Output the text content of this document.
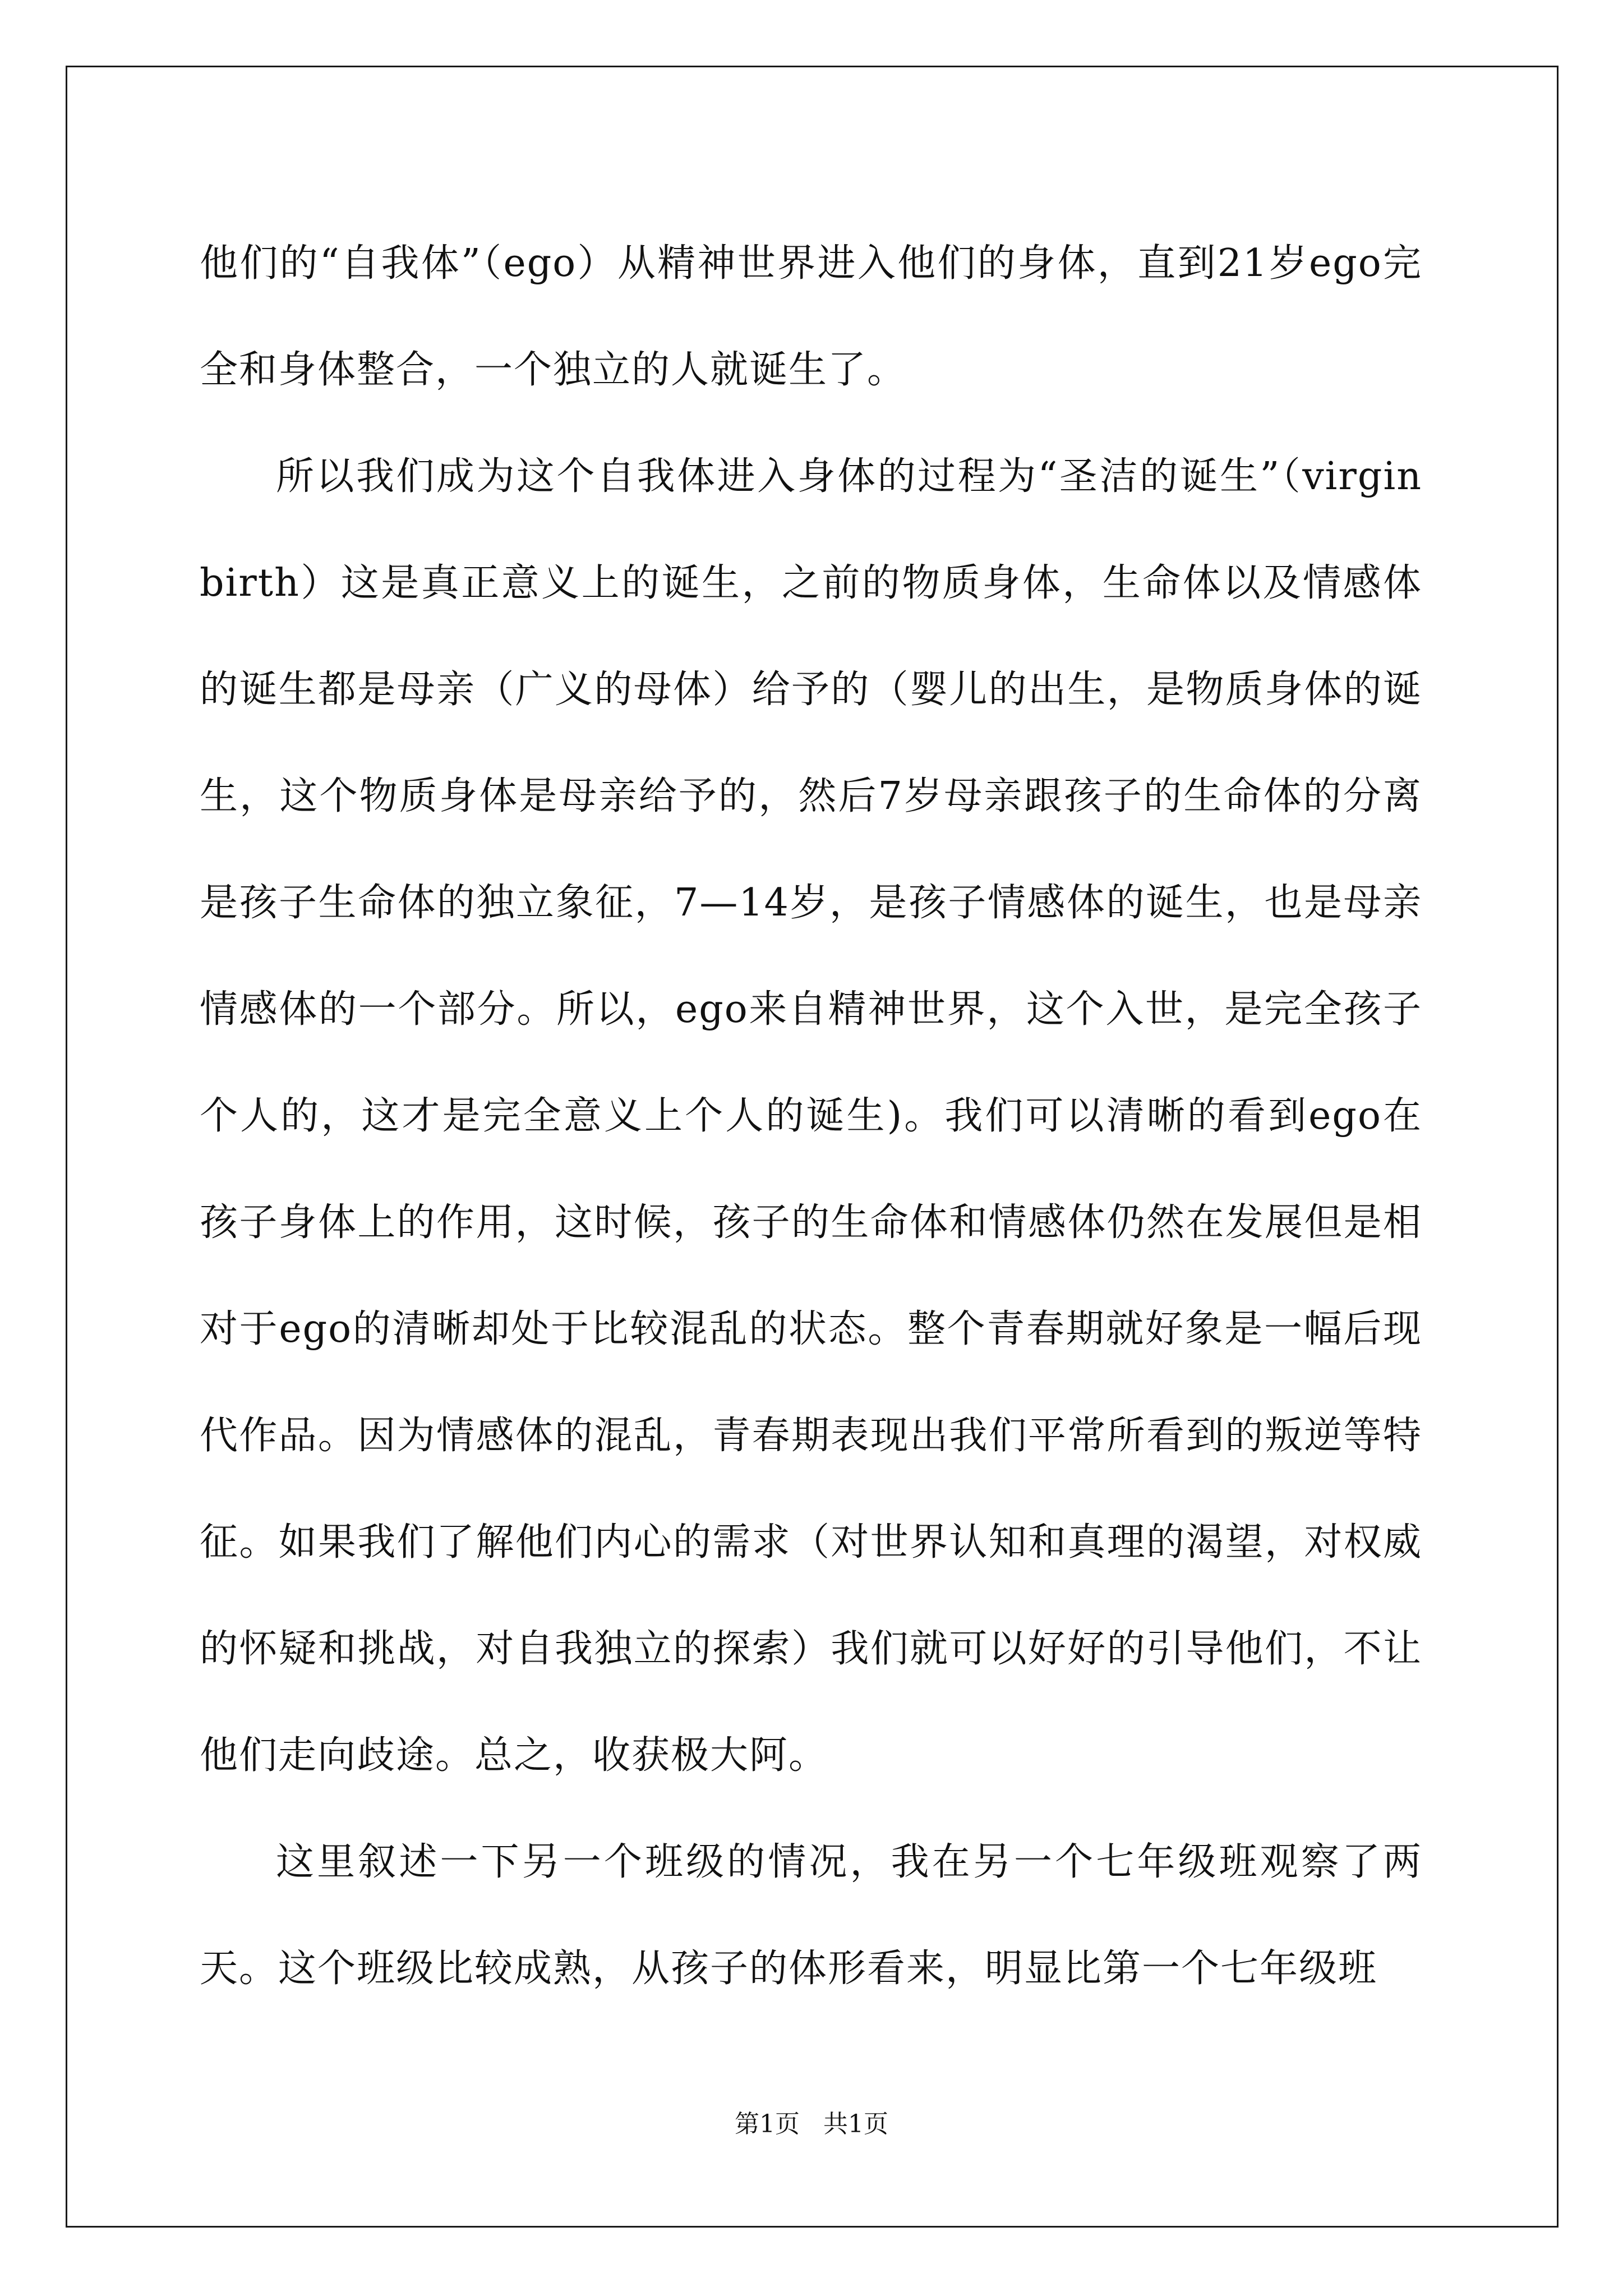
他们的“自我体”（ego）从精神世界进入他们的身体，直到21岁ego完全和身体整合，一个独立的人就诞生了。

所以我们成为这个自我体进入身体的过程为“圣洁的诞生”（virgin birth）这是真正意义上的诞生，之前的物质身体，生命体以及情感体的诞生都是母亲（广义的母体）给予的（婴儿的出生，是物质身体的诞生，这个物质身体是母亲给予的，然后7岁母亲跟孩子的生命体的分离是孩子生命体的独立象征，7—14岁，是孩子情感体的诞生，也是母亲情感体的一个部分。所以，ego来自精神世界，这个入世，是完全孩子个人的，这才是完全意义上个人的诞生)。我们可以清晰的看到ego在孩子身体上的作用，这时候，孩子的生命体和情感体仍然在发展但是相对于ego的清晰却处于比较混乱的状态。整个青春期就好象是一幅后现代作品。因为情感体的混乱，青春期表现出我们平常所看到的叛逆等特征。如果我们了解他们内心的需求（对世界认知和真理的渴望，对权威的怀疑和挑战，对自我独立的探索）我们就可以好好的引导他们，不让他们走向歧途。总之，收获极大阿。

这里叙述一下另一个班级的情况，我在另一个七年级班观察了两天。这个班级比较成熟，从孩子的体形看来，明显比第一个七年级班

第1页   共1页
